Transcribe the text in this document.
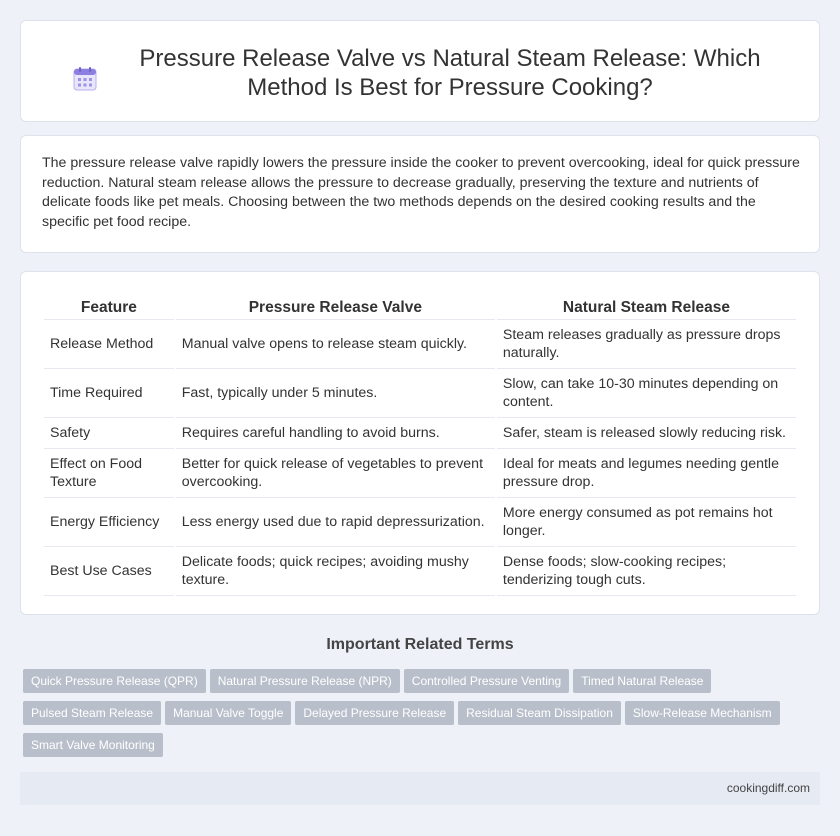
Pressure Release Valve vs Natural Steam Release: Which Method Is Best for Pressure Cooking?

The pressure release valve rapidly lowers the pressure inside the cooker to prevent overcooking, ideal for quick pressure reduction. Natural steam release allows the pressure to decrease gradually, preserving the texture and nutrients of delicate foods like pet meals. Choosing between the two methods depends on the desired cooking results and the specific pet food recipe.

Feature	Pressure Release Valve	Natural Steam Release
Release Method	Manual valve opens to release steam quickly.	Steam releases gradually as pressure drops naturally.
Time Required	Fast, typically under 5 minutes.	Slow, can take 10-30 minutes depending on content.
Safety	Requires careful handling to avoid burns.	Safer, steam is released slowly reducing risk.
Effect on Food Texture	Better for quick release of vegetables to prevent overcooking.	Ideal for meats and legumes needing gentle pressure drop.
Energy Efficiency	Less energy used due to rapid depressurization.	More energy consumed as pot remains hot longer.
Best Use Cases	Delicate foods; quick recipes; avoiding mushy texture.	Dense foods; slow-cooking recipes; tenderizing tough cuts.
Important Related Terms
Quick Pressure Release (QPR) Natural Pressure Release (NPR) Controlled Pressure Venting Timed Natural Release
Pulsed Steam Release Manual Valve Toggle Delayed Pressure Release Residual Steam Dissipation Slow-Release Mechanism
Smart Valve Monitoring
cookingdiff.com
